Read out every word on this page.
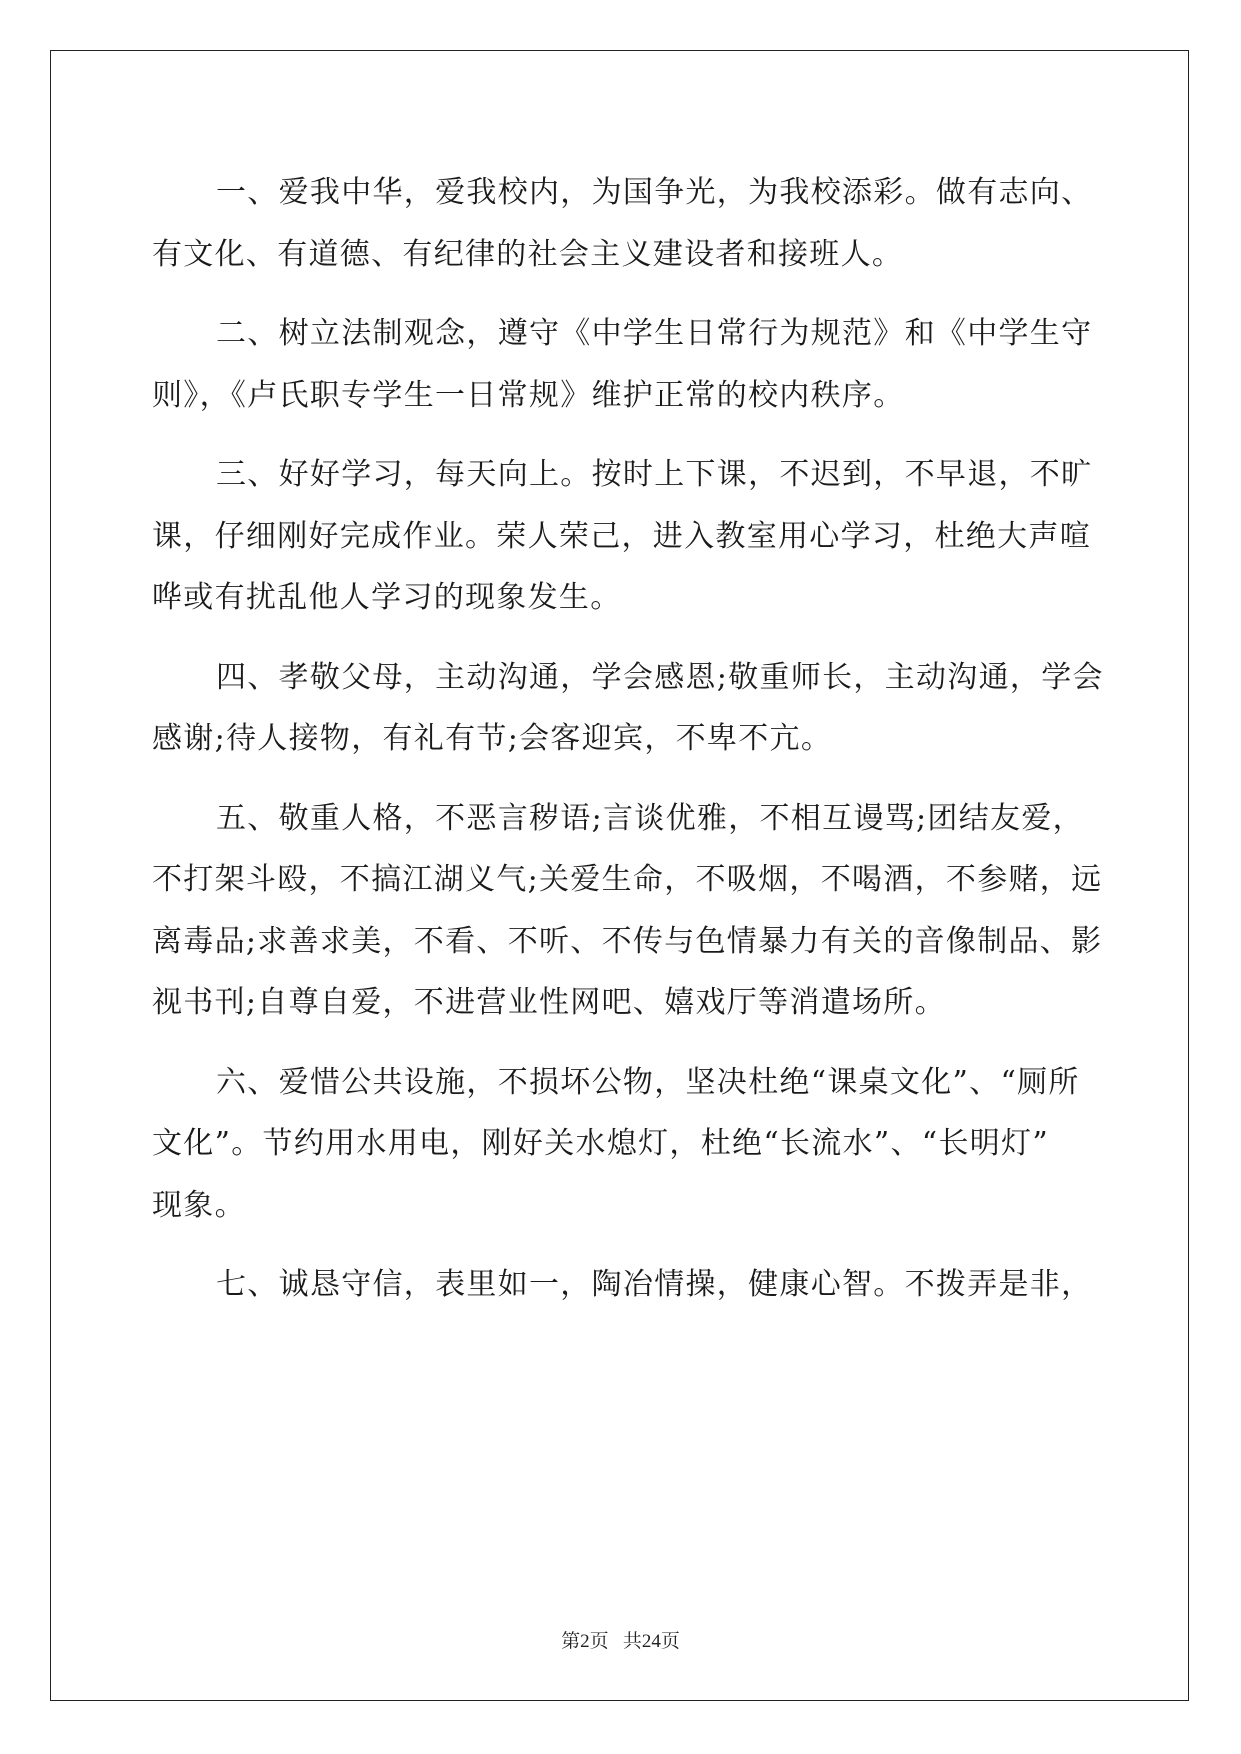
一、爱我中华，爱我校内，为国争光，为我校添彩。做有志向、
有文化、有道德、有纪律的社会主义建设者和接班人。

二、树立法制观念，遵守《中学生日常行为规范》和《中学生守
则》，《卢氏职专学生一日常规》维护正常的校内秩序。

三、好好学习，每天向上。按时上下课，不迟到，不早退，不旷
课，仔细刚好完成作业。荣人荣己，进入教室用心学习，杜绝大声喧
哗或有扰乱他人学习的现象发生。

四、孝敬父母，主动沟通，学会感恩;敬重师长，主动沟通，学会
感谢;待人接物，有礼有节;会客迎宾，不卑不亢。

五、敬重人格，不恶言秽语;言谈优雅，不相互谩骂;团结友爱，
不打架斗殴，不搞江湖义气;关爱生命，不吸烟，不喝酒，不参赌，远
离毒品;求善求美，不看、不听、不传与色情暴力有关的音像制品、影
视书刊;自尊自爱，不进营业性网吧、嬉戏厅等消遣场所。

六、爱惜公共设施，不损坏公物，坚决杜绝“课桌文化”、“厕所
文化”。节约用水用电，刚好关水熄灯，杜绝“长流水”、“长明灯”
现象。

七、诚恳守信，表里如一，陶冶情操，健康心智。不拨弄是非，

第2页 共24页
